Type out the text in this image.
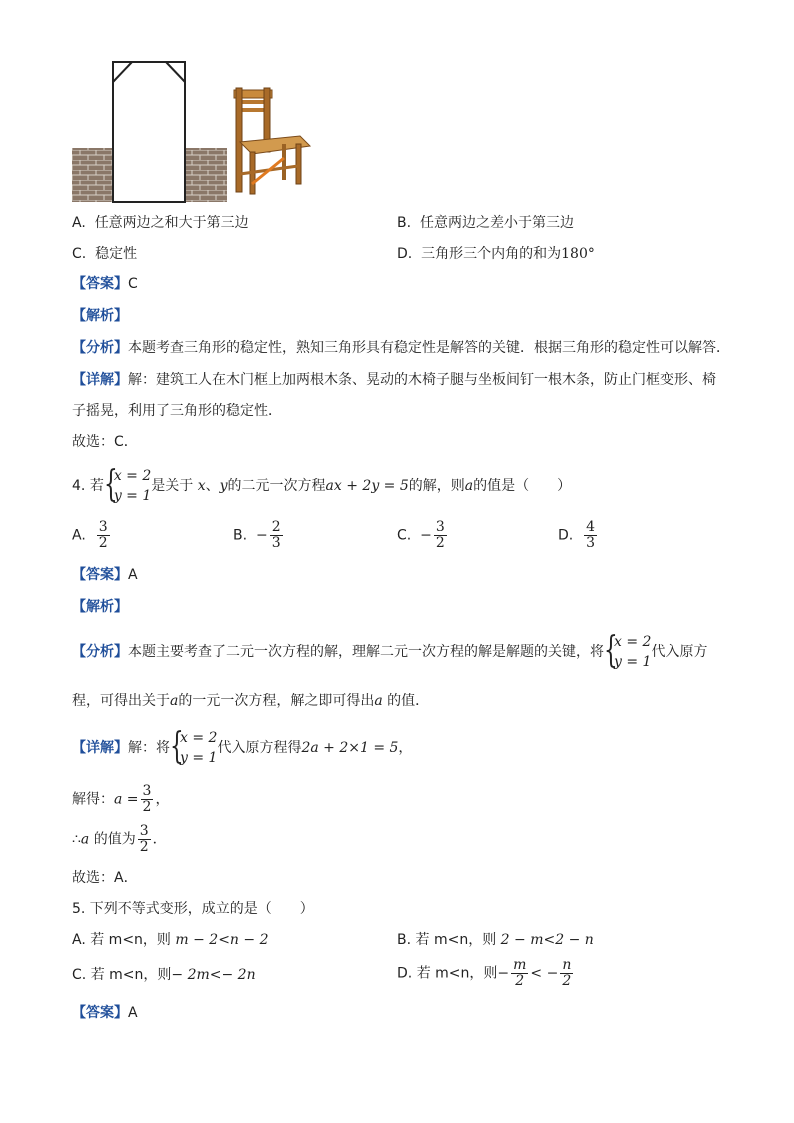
A. 任意两边之和大于第三边	B. 任意两边之差小于第三边
C. 稳定性	D. 三角形三个内角的和为180°
【答案】C
【解析】
【分析】本题考查三角形的稳定性，熟知三角形具有稳定性是解答的关键．根据三角形的稳定性可以解答．
【详解】解：建筑工人在木门框上加两根木条、晃动的木椅子腿与坐板间钉一根木条，防止门框变形、椅
子摇晃，利用了三角形的稳定性．
故选：C．
4. 若 {
x = 2
y = 1
是关于 x、y的二元一次方程ax + 2y = 5的解，则a的值是（　　）
A. $\frac{3}{2}$	B. − $\frac{2}{3}$	C. − $\frac{3}{2}$	D. $\frac{4}{3}$
【答案】A
【解析】
【分析】本题主要考查了二元一次方程的解，理解二元一次方程的解是解题的关键，将 {
x = 2
y = 1
代入原方
程，可得出关于a的一元一次方程，解之即可得出a 的值．
【详解】解：将 {
x = 2
y = 1
代入原方程得2a + 2×1 = 5，
解得：$a = \frac{3}{2}$ ，
∴a 的值为 $\frac{3}{2}$ ．
故选：A．
5. 下列不等式变形，成立的是（　　）
A. 若 m<n，则 m − 2<n − 2	B. 若 m<n，则 2 − m<2 − n
C. 若 m<n，则− 2m<− 2n	D. 若 m<n，则− $\frac{m}{2}$ < − $\frac{n}{2}$
【答案】A
